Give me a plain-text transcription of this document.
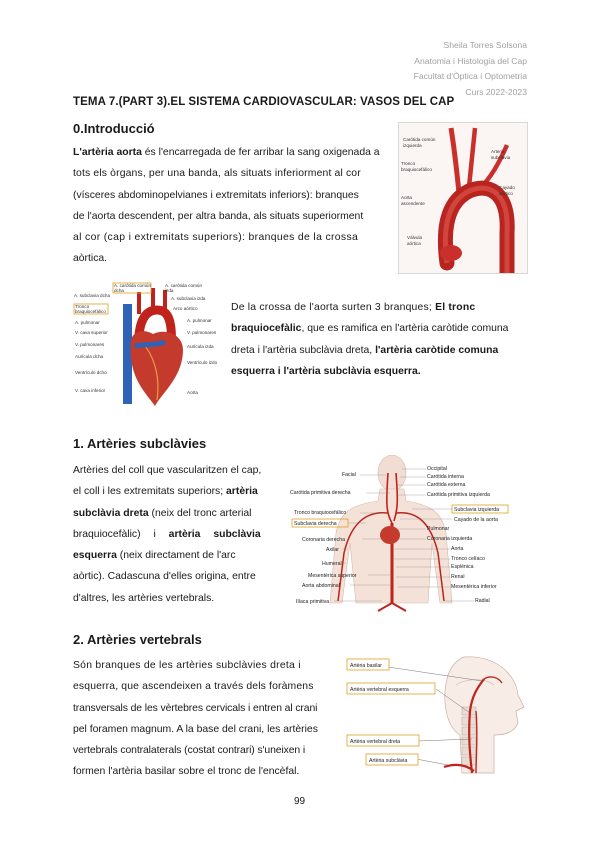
Sheila Torres Solsona
Anatomia i Histologia del Cap
Facultat d'Òptica i Optometria
Curs 2022-2023
TEMA 7.(PART 3).EL SISTEMA CARDIOVASCULAR: VASOS DEL CAP
0.Introducció
L'artèria aorta és l'encarregada de fer arribar la sang oxigenada a
tots els òrgans, per una banda, als situats inferiorment al cor
(vísceres abdominopelvianes i extremitats inferiors): branques
de l'aorta descendent, per altra banda, als situats superiorment
al cor (cap i extremitats superiors): branques de la crossa
aòrtica.
Carótida común
izquierda
Arteria
subclavia
Tronco
braquiocefálico
Cayado
aórtico
Aorta
ascendente
Válvula
aórtica
A. carótida común
dcha
Tronco
braquiocefálico
A. subclavia dcha
A. carótida común
izda
A. subclavia izda
Arco aórtico
A. pulmonar
V. cava superior
V. pulmonares
Aurícula dcha
Ventrículo dcho
V. cava inferior
A. pulmonar
V. pulmonares
Aurícula izda
Ventrículo izdo
Aorta
De la crossa de l'aorta surten 3 branques; El tronc
braquiocefàlic, que es ramifica en l'artèria caròtide comuna
dreta i l'artèria subclàvia dreta, l'artèria caròtide comuna
esquerra i l'artèria subclàvia esquerra.
1. Artèries subclàvies
Artèries del coll que vascularitzen el cap,
el coll i les extremitats superiors; artèria
subclàvia dreta (neix del tronc arterial
braquiocefàlic) i artèria subclàvia
esquerra (neix directament de l'arc
aòrtic). Cadascuna d'elles origina, entre
d'altres, les artèries vertebrals.
Occipital
Carótida interna
Carótida externa
Carótida primitiva izquierda
Subclavia izquierda
Cayado de la aorta
Pulmonar
Coronaria izquierda
Aorta
Tronco celíaco
Esplénica
Renal
Mesentérica inferior
Radial
Facial
Carótida primitiva derecha
Tronco braquiocefálico
Subclavia derecha
Coronaria derecha
Axilar
Humeral
Mesentérica superior
Aorta abdominal
Ilíaca primitiva
2. Artèries vertebrals
Són branques de les artèries subclàvies dreta i
esquerra, que ascendeixen a través dels foràmens
transversals de les vèrtebres cervicals i entren al crani
pel foramen magnum. A la base del crani, les artèries
vertebrals contralaterals (costat contrari) s'uneixen i
formen l'artèria basilar sobre el tronc de l'encèfal.
Artèria basilar
Artèria vertebral esquerra
Artèria vertebral dreta
Artèria subclàvia
99
